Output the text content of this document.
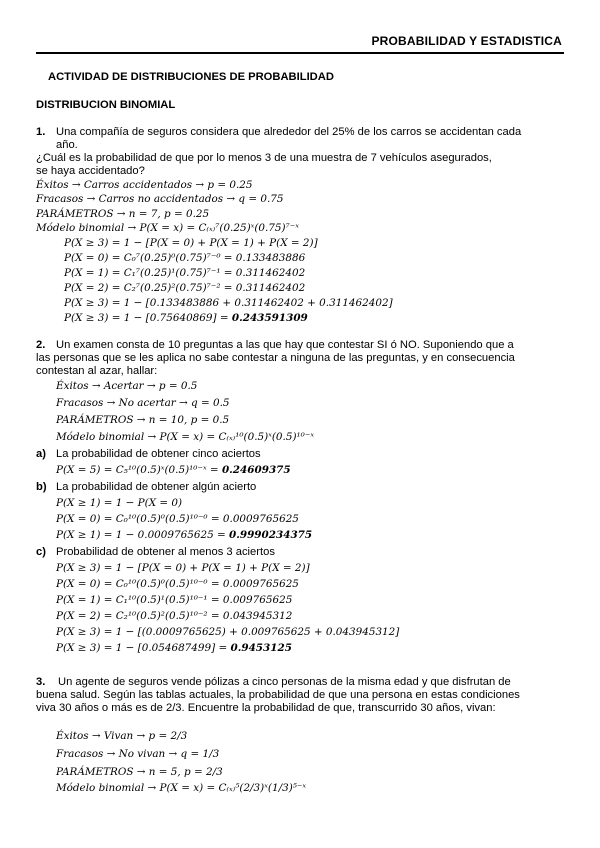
PROBABILIDAD Y ESTADISTICA
ACTIVIDAD DE DISTRIBUCIONES DE PROBABILIDAD
DISTRIBUCION BINOMIAL
1. Una compañía de seguros considera que alrededor del 25% de los carros se accidentan cada
año.
¿Cuál es la probabilidad de que por lo menos 3 de una muestra de 7 vehículos asegurados,
se haya accidentado?
Éxitos → Carros accidentados → p = 0.25
Fracasos → Carros no accidentados → q = 0.75
PARÁMETROS → n = 7, p = 0.25
Módelo binomial → P(X = x) = C₍ₓ₎⁷(0.25)ˣ(0.75)⁷⁻ˣ
P(X ≥ 3) = 1 − [P(X = 0) + P(X = 1) + P(X = 2)]
P(X = 0) = C₀⁷(0.25)⁰(0.75)⁷⁻⁰ = 0.133483886
P(X = 1) = C₁⁷(0.25)¹(0.75)⁷⁻¹ = 0.311462402
P(X = 2) = C₂⁷(0.25)²(0.75)⁷⁻² = 0.311462402
P(X ≥ 3) = 1 − [0.133483886 + 0.311462402 + 0.311462402]
P(X ≥ 3) = 1 − [0.75640869] = 0.243591309
2. Un examen consta de 10 preguntas a las que hay que contestar SI ó NO. Suponiendo que a
las personas que se les aplica no sabe contestar a ninguna de las preguntas, y en consecuencia
contestan al azar, hallar:
Éxitos → Acertar → p = 0.5
Fracasos → No acertar → q = 0.5
PARÁMETROS → n = 10, p = 0.5
Módelo binomial → P(X = x) = C₍ₓ₎¹⁰(0.5)ˣ(0.5)¹⁰⁻ˣ
a) La probabilidad de obtener cinco aciertos
P(X = 5) = C₅¹⁰(0.5)ˣ(0.5)¹⁰⁻ˣ = 0.24609375
b) La probabilidad de obtener algún acierto
P(X ≥ 1) = 1 − P(X = 0)
P(X = 0) = C₀¹⁰(0.5)⁰(0.5)¹⁰⁻⁰ = 0.0009765625
P(X ≥ 1) = 1 − 0.0009765625 = 0.9990234375
c) Probabilidad de obtener al menos 3 aciertos
P(X ≥ 3) = 1 − [P(X = 0) + P(X = 1) + P(X = 2)]
P(X = 0) = C₀¹⁰(0.5)⁰(0.5)¹⁰⁻⁰ = 0.0009765625
P(X = 1) = C₁¹⁰(0.5)¹(0.5)¹⁰⁻¹ = 0.009765625
P(X = 2) = C₂¹⁰(0.5)²(0.5)¹⁰⁻² = 0.043945312
P(X ≥ 3) = 1 − [(0.0009765625) + 0.009765625 + 0.043945312]
P(X ≥ 3) = 1 − [0.054687499] = 0.9453125
3. Un agente de seguros vende pólizas a cinco personas de la misma edad y que disfrutan de
buena salud. Según las tablas actuales, la probabilidad de que una persona en estas condiciones
viva 30 años o más es de 2/3. Encuentre la probabilidad de que, transcurrido 30 años, vivan:
Éxitos → Vivan → p = 2/3
Fracasos → No vivan → q = 1/3
PARÁMETROS → n = 5, p = 2/3
Módelo binomial → P(X = x) = C₍ₓ₎⁵(2/3)ˣ(1/3)⁵⁻ˣ
